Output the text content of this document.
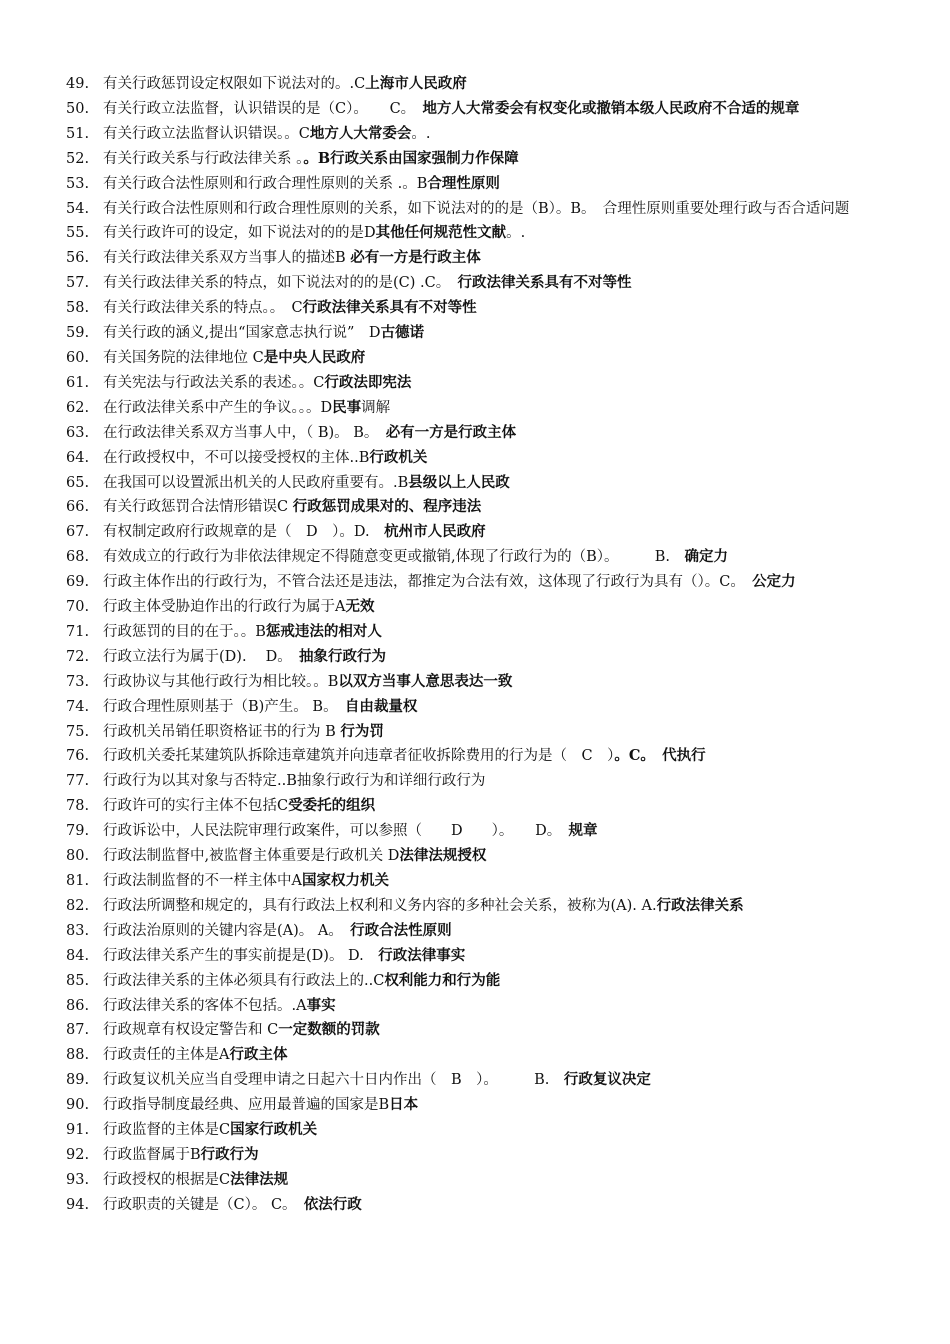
49. 有关行政惩罚设定权限如下说法对的。.C上海市人民政府
50. 有关行政立法监督，认识错误的是（C）。　　C。　地方人大常委会有权变化或撤销本级人民政府不合适的规章
51. 有关行政立法监督认识错误。。C地方人大常委会。.
52. 有关行政关系与行政法律关系 。。B行政关系由国家强制力作保障
53. 有关行政合法性原则和行政合理性原则的关系 .。B合理性原则
54. 有关行政合法性原则和行政合理性原则的关系，如下说法对的的是（B）。B。　合理性原则重要处理行政与否合适问题
55. 有关行政许可的设定，如下说法对的的是D其他任何规范性文献。.
56. 有关行政法律关系双方当事人的描述B 必有一方是行政主体
57. 有关行政法律关系的特点，如下说法对的的是(C) .C。　行政法律关系具有不对等性
58. 有关行政法律关系的特点。。　C行政法律关系具有不对等性
59. 有关行政的涵义,提出“国家意志执行说”　D古德诺
60. 有关国务院的法律地位 C是中央人民政府
61. 有关宪法与行政法关系的表述。。C行政法即宪法
62. 在行政法律关系中产生的争议。。。D民事调解
63. 在行政法律关系双方当事人中，（ B)。 B。　必有一方是行政主体
64. 在行政授权中，不可以接受授权的主体..B行政机关
65. 在我国可以设置派出机关的人民政府重要有。.B县级以上人民政
66. 有关行政惩罚合法情形错误C 行政惩罚成果对的、程序违法
67. 有权制定政府行政规章的是（　D　）。D.　杭州市人民政府
68. 有效成立的行政行为非依法律规定不得随意变更或撤销,体现了行政行为的（B）。　　　B.　确定力
69. 行政主体作出的行政行为，不管合法还是违法，都推定为合法有效，这体现了行政行为具有（）。C。　公定力
70. 行政主体受胁迫作出的行政行为属于A无效
71. 行政惩罚的目的在于。。B惩戒违法的相对人
72. 行政立法行为属于(D). 　D。　抽象行政行为
73. 行政协议与其他行政行为相比较。。B以双方当事人意思表达一致
74. 行政合理性原则基于（B)产生。 B。　自由裁量权
75. 行政机关吊销任职资格证书的行为 B 行为罚
76. 行政机关委托某建筑队拆除违章建筑并向违章者征收拆除费用的行为是（　C　）。C。　代执行
77. 行政行为以其对象与否特定..B抽象行政行为和详细行政行为
78. 行政许可的实行主体不包括C受委托的组织
79. 行政诉讼中，人民法院审理行政案件，可以参照（　　D　　）。　　D。　规章
80. 行政法制监督中,被监督主体重要是行政机关 D法律法规授权
81. 行政法制监督的不一样主体中A国家权力机关
82. 行政法所调整和规定的，具有行政法上权利和义务内容的多种社会关系，被称为(A). A.行政法律关系
83. 行政法治原则的关键内容是(A)。 A。　行政合法性原则
84. 行政法律关系产生的事实前提是(D)。 D.　行政法律事实
85. 行政法律关系的主体必须具有行政法上的..C权利能力和行为能
86. 行政法律关系的客体不包括。.A事实
87. 行政规章有权设定警告和 C一定数额的罚款
88. 行政责任的主体是A行政主体
89. 行政复议机关应当自受理申请之日起六十日内作出（　B　）。　　　B.　行政复议决定
90. 行政指导制度最经典、应用最普遍的国家是B日本
91. 行政监督的主体是C国家行政机关
92. 行政监督属于B行政行为
93. 行政授权的根据是C法律法规
94. 行政职责的关键是（C）。 C。　依法行政
